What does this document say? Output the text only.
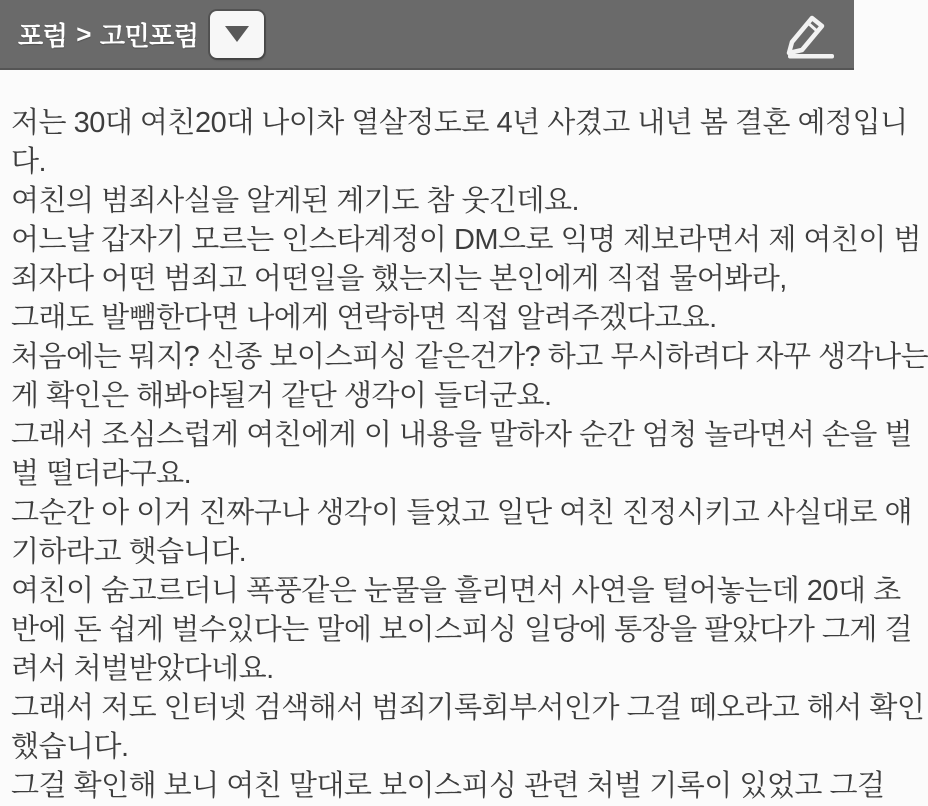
포럼 > 고민포럼
저는 30대 여친20대 나이차 열살정도로 4년 사겼고 내년 봄 결혼 예정입니
다.
여친의 범죄사실을 알게된 계기도 참 웃긴데요.
어느날 갑자기 모르는 인스타계정이 DM으로 익명 제보라면서 제 여친이 범
죄자다 어떤 범죄고 어떤일을 했는지는 본인에게 직접 물어봐라,
그래도 발뺌한다면 나에게 연락하면 직접 알려주겠다고요.
처음에는 뭐지? 신종 보이스피싱 같은건가? 하고 무시하려다 자꾸 생각나는
게 확인은 해봐야될거 같단 생각이 들더군요.
그래서 조심스럽게 여친에게 이 내용을 말하자 순간 엄청 놀라면서 손을 벌
벌 떨더라구요.
그순간 아 이거 진짜구나 생각이 들었고 일단 여친 진정시키고 사실대로 얘
기하라고 햇습니다.
여친이 숨고르더니 폭풍같은 눈물을 흘리면서 사연을 털어놓는데 20대 초
반에 돈 쉽게 벌수있다는 말에 보이스피싱 일당에 통장을 팔았다가 그게 걸
려서 처벌받았다네요.
그래서 저도 인터넷 검색해서 범죄기록회부서인가 그걸 떼오라고 해서 확인
했습니다.
그걸 확인해 보니 여친 말대로 보이스피싱 관련 처벌 기록이 있었고 그걸
